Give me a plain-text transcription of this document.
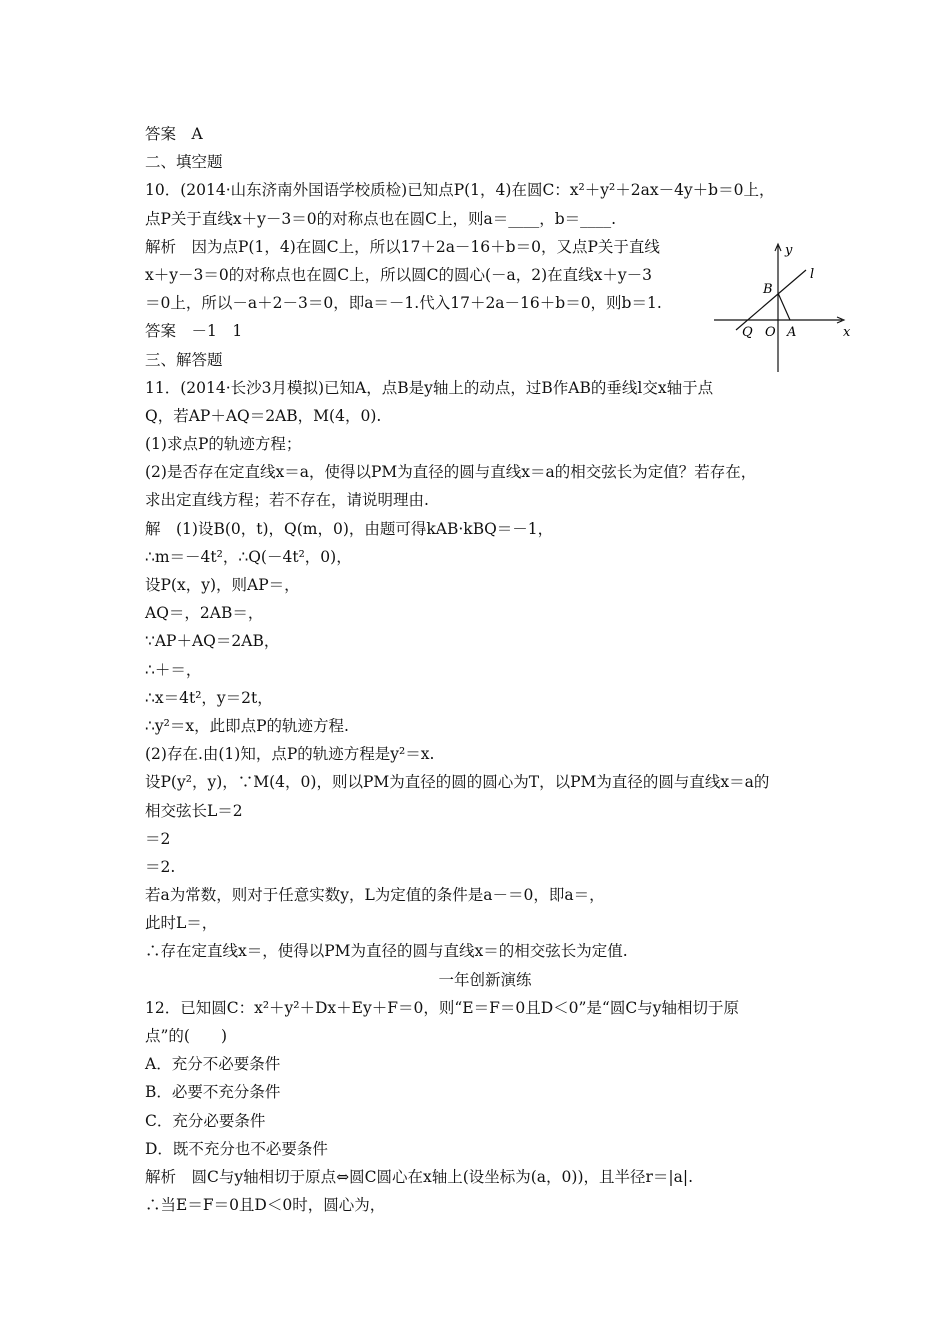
答案　A
二、填空题
10．(2014·山东济南外国语学校质检)已知点P(1，4)在圆C：x²＋y²＋2ax－4y＋b＝0上，
点P关于直线x＋y－3＝0的对称点也在圆C上，则a＝____，b＝____.
解析　因为点P(1，4)在圆C上，所以17＋2a－16＋b＝0，又点P关于直线
x＋y－3＝0的对称点也在圆C上，所以圆C的圆心(－a，2)在直线x＋y－3
＝0上，所以－a＋2－3＝0，即a＝－1.代入17＋2a－16＋b＝0，则b＝1.
答案　－1　1
三、解答题
11．(2014·长沙3月模拟)已知A，点B是y轴上的动点，过B作AB的垂线l交x轴于点
Q，若AP＋AQ＝2AB，M(4，0).
(1)求点P的轨迹方程；
(2)是否存在定直线x＝a，使得以PM为直径的圆与直线x＝a的相交弦长为定值？若存在，
求出定直线方程；若不存在，请说明理由.
解　(1)设B(0，t)，Q(m，0)，由题可得kAB·kBQ＝－1，
∴m＝－4t²，∴Q(－4t²，0)，
设P(x，y)，则AP＝，
AQ＝，2AB＝，
∵AP＋AQ＝2AB，
∴＋＝，
∴x＝4t²，y＝2t，
∴y²＝x，此即点P的轨迹方程.
(2)存在.由(1)知，点P的轨迹方程是y²＝x.
设P(y²，y)，∵M(4，0)，则以PM为直径的圆的圆心为T，以PM为直径的圆与直线x＝a的
相交弦长L＝2
＝2
＝2.
若a为常数，则对于任意实数y，L为定值的条件是a－＝0，即a＝，
此时L＝，
∴存在定直线x＝，使得以PM为直径的圆与直线x＝的相交弦长为定值.
一年创新演练
12．已知圆C：x²＋y²＋Dx＋Ey＋F＝0，则“E＝F＝0且D＜0”是“圆C与y轴相切于原
点”的(　　)
A．充分不必要条件
B．必要不充分条件
C．充分必要条件
D．既不充分也不必要条件
解析　圆C与y轴相切于原点⇔圆C圆心在x轴上(设坐标为(a，0))，且半径r＝|a|.
∴当E＝F＝0且D＜0时，圆心为，
y
l
B
Q O A	x
